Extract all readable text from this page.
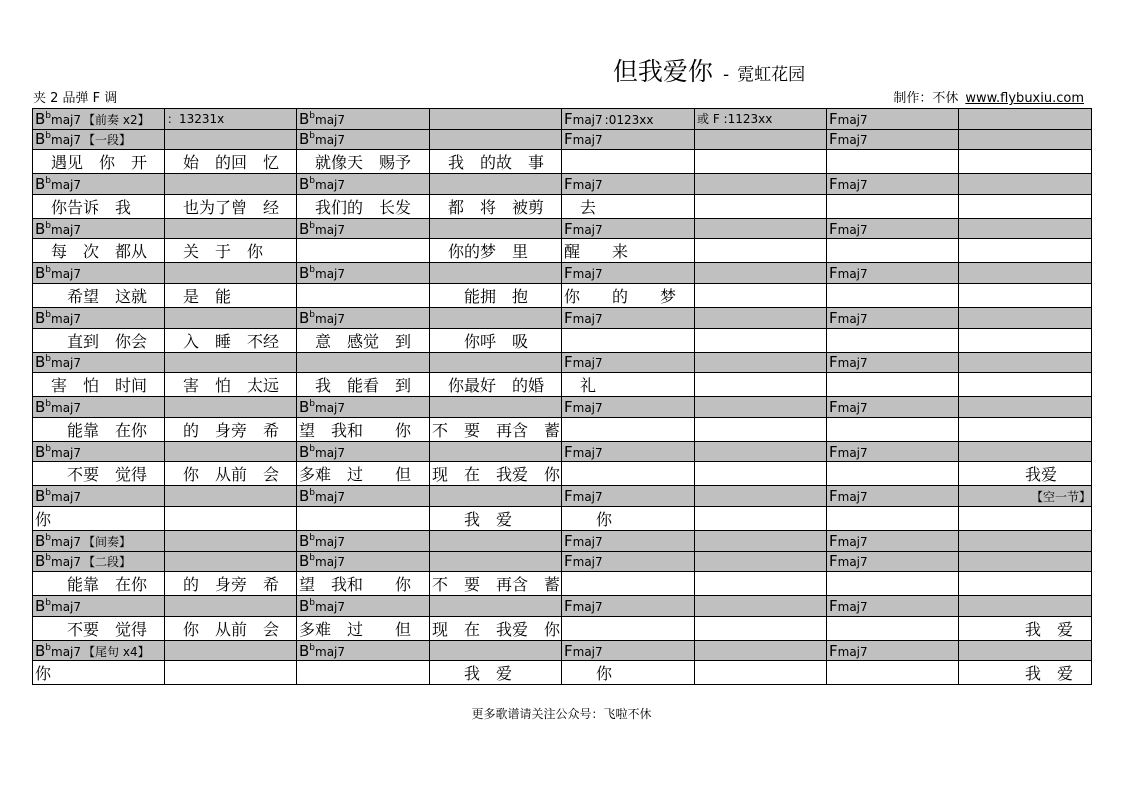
但我爱你 - 霓虹花园
夹 2 品弹 F 调	制作：不休 www.flybuxiu.com
$B^bmaj7$ 【前奏 x2】	：13231x	$B^bmaj7$		Fmaj7 :0123xx	或 F :1123xx	Fmaj7	
$B^bmaj7$ 【一段】		$B^bmaj7$		Fmaj7		Fmaj7	

　遇见　你　开	　始　的回　忆	　就像天　赐予	　我　的故　事				

$B^bmaj7$		$B^bmaj7$		Fmaj7		Fmaj7	

　你告诉　我	　也为了曾　经	　我们的　长发	　都　将　被剪	　去			

$B^bmaj7$		$B^bmaj7$		Fmaj7		Fmaj7	

　每　次　都从	　关　于　你		　你的梦　里	醒　　来			

$B^bmaj7$		$B^bmaj7$		Fmaj7		Fmaj7	

　　希望　这就	　是　能		　　能拥　抱	你　　的　　梦			

$B^bmaj7$		$B^bmaj7$		Fmaj7		Fmaj7	

　　直到　你会	　入　睡　不经	　意　感觉　到	　　你呼　吸				

$B^bmaj7$				Fmaj7		Fmaj7	

　害　怕　时间	　害　怕　太远	　我　能看　到	　你最好　的婚	　礼			

$B^bmaj7$		$B^bmaj7$		Fmaj7		Fmaj7	

　　能靠　在你	　的　身旁　希	望　我和　　你	不　要　再含　蓄				

$B^bmaj7$		$B^bmaj7$		Fmaj7		Fmaj7	

　　不要　觉得	　你　从前　会	多难　过　　但	现　在　我爱　你				　　　　我爱

$B^bmaj7$		$B^bmaj7$		Fmaj7		Fmaj7	【空一节】

你			　　我　爱	　　你			

$B^bmaj7$ 【间奏】		$B^bmaj7$		Fmaj7		Fmaj7	
$B^bmaj7$ 【二段】		$B^bmaj7$		Fmaj7		Fmaj7	

　　能靠　在你	　的　身旁　希	望　我和　　你	不　要　再含　蓄				

$B^bmaj7$		$B^bmaj7$		Fmaj7		Fmaj7	

　　不要　觉得	　你　从前　会	多难　过　　但	现　在　我爱　你				　　　　我　爱

$B^bmaj7$ 【尾句 x4】		$B^bmaj7$		Fmaj7		Fmaj7	

你			　　我　爱	　　你			　　　　我　爱
更多歌谱请关注公众号：飞啦不休
